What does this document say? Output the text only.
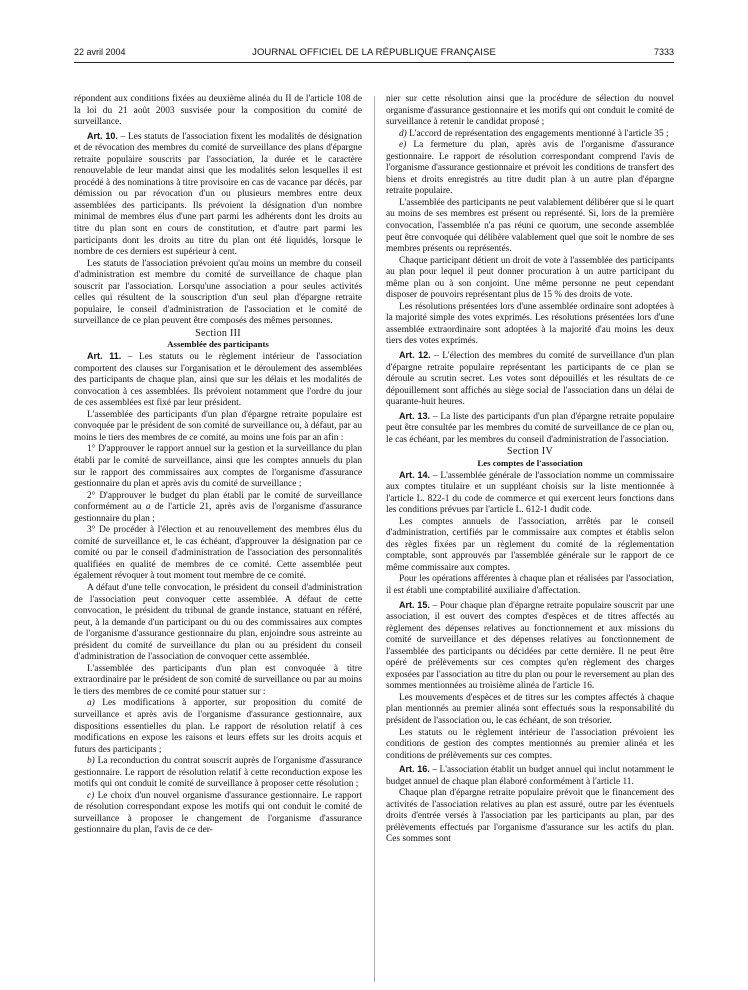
22 avril 2004	JOURNAL OFFICIEL DE LA RÉPUBLIQUE FRANÇAISE	7333

répondent aux conditions fixées au deuxième alinéa du II de l'article 108 de la loi du 21 août 2003 susvisée pour la composition du comité de surveillance.

Art. 10. – Les statuts de l'association fixent les modalités de désignation et de révocation des membres du comité de surveillance des plans d'épargne retraite populaire souscrits par l'association, la durée et le caractère renouvelable de leur mandat ainsi que les modalités selon lesquelles il est procédé à des nominations à titre provisoire en cas de vacance par décès, par démission ou par révocation d'un ou plusieurs membres entre deux assemblées des participants. Ils prévoient la désignation d'un nombre minimal de membres élus d'une part parmi les adhérents dont les droits au titre du plan sont en cours de constitution, et d'autre part parmi les participants dont les droits au titre du plan ont été liquidés, lorsque le nombre de ces derniers est supérieur à cent.

Les statuts de l'association prévoient qu'au moins un membre du conseil d'administration est membre du comité de surveillance de chaque plan souscrit par l'association. Lorsqu'une association a pour seules activités celles qui résultent de la souscription d'un seul plan d'épargne retraite populaire, le conseil d'administration de l'association et le comité de surveillance de ce plan peuvent être composés des mêmes personnes.

Section III

Assemblée des participants

Art. 11. – Les statuts ou le règlement intérieur de l'association comportent des clauses sur l'organisation et le déroulement des assemblées des participants de chaque plan, ainsi que sur les délais et les modalités de convocation à ces assemblées. Ils prévoient notamment que l'ordre du jour de ces assemblées est fixé par leur président.

L'assemblée des participants d'un plan d'épargne retraite populaire est convoquée par le président de son comité de surveillance ou, à défaut, par au moins le tiers des membres de ce comité, au moins une fois par an afin :

1° D'approuver le rapport annuel sur la gestion et la surveillance du plan établi par le comité de surveillance, ainsi que les comptes annuels du plan sur le rapport des commissaires aux comptes de l'organisme d'assurance gestionnaire du plan et après avis du comité de surveillance ;

2° D'approuver le budget du plan établi par le comité de surveillance conformément au a de l'article 21, après avis de l'organisme d'assurance gestionnaire du plan ;

3° De procéder à l'élection et au renouvellement des membres élus du comité de surveillance et, le cas échéant, d'approuver la désignation par ce comité ou par le conseil d'administration de l'association des personnalités qualifiées en qualité de membres de ce comité. Cette assemblée peut également révoquer à tout moment tout membre de ce comité.

A défaut d'une telle convocation, le président du conseil d'administration de l'association peut convoquer cette assemblée. A défaut de cette convocation, le président du tribunal de grande instance, statuant en référé, peut, à la demande d'un participant ou du ou des commissaires aux comptes de l'organisme d'assurance gestionnaire du plan, enjoindre sous astreinte au président du comité de surveillance du plan ou au président du conseil d'administration de l'association de convoquer cette assemblée.

L'assemblée des participants d'un plan est convoquée à titre extraordinaire par le président de son comité de surveillance ou par au moins le tiers des membres de ce comité pour statuer sur :

a) Les modifications à apporter, sur proposition du comité de surveillance et après avis de l'organisme d'assurance gestionnaire, aux dispositions essentielles du plan. Le rapport de résolution relatif à ces modifications en expose les raisons et leurs effets sur les droits acquis et futurs des participants ;

b) La reconduction du contrat souscrit auprès de l'organisme d'assurance gestionnaire. Le rapport de résolution relatif à cette reconduction expose les motifs qui ont conduit le comité de surveillance à proposer cette résolution ;

c) Le choix d'un nouvel organisme d'assurance gestionnaire. Le rapport de résolution correspondant expose les motifs qui ont conduit le comité de surveillance à proposer le changement de l'organisme d'assurance gestionnaire du plan, l'avis de ce der-

nier sur cette résolution ainsi que la procédure de sélection du nouvel organisme d'assurance gestionnaire et les motifs qui ont conduit le comité de surveillance à retenir le candidat proposé ;

d) L'accord de représentation des engagements mentionné à l'article 35 ;

e) La fermeture du plan, après avis de l'organisme d'assurance gestionnaire. Le rapport de résolution correspondant comprend l'avis de l'organisme d'assurance gestionnaire et prévoit les conditions de transfert des biens et droits enregistrés au titre dudit plan à un autre plan d'épargne retraite populaire.

L'assemblée des participants ne peut valablement délibérer que si le quart au moins de ses membres est présent ou représenté. Si, lors de la première convocation, l'assemblée n'a pas réuni ce quorum, une seconde assemblée peut être convoquée qui délibère valablement quel que soit le nombre de ses membres présents ou représentés.

Chaque participant détient un droit de vote à l'assemblée des participants au plan pour lequel il peut donner procuration à un autre participant du même plan ou à son conjoint. Une même personne ne peut cependant disposer de pouvoirs représentant plus de 15 % des droits de vote.

Les résolutions présentées lors d'une assemblée ordinaire sont adoptées à la majorité simple des votes exprimés. Les résolutions présentées lors d'une assemblée extraordinaire sont adoptées à la majorité d'au moins les deux tiers des votes exprimés.

Art. 12. – L'élection des membres du comité de surveillance d'un plan d'épargne retraite populaire représentant les participants de ce plan se déroule au scrutin secret. Les votes sont dépouillés et les résultats de ce dépouillement sont affichés au siège social de l'association dans un délai de quarante-huit heures.

Art. 13. – La liste des participants d'un plan d'épargne retraite populaire peut être consultée par les membres du comité de surveillance de ce plan ou, le cas échéant, par les membres du conseil d'administration de l'association.

Section IV

Les comptes de l'association

Art. 14. – L'assemblée générale de l'association nomme un commissaire aux comptes titulaire et un suppléant choisis sur la liste mentionnée à l'article L. 822-1 du code de commerce et qui exercent leurs fonctions dans les conditions prévues par l'article L. 612-1 dudit code.

Les comptes annuels de l'association, arrêtés par le conseil d'administration, certifiés par le commissaire aux comptes et établis selon des règles fixées par un règlement du comité de la réglementation comptable, sont approuvés par l'assemblée générale sur le rapport de ce même commissaire aux comptes.

Pour les opérations afférentes à chaque plan et réalisées par l'association, il est établi une comptabilité auxiliaire d'affectation.

Art. 15. – Pour chaque plan d'épargne retraite populaire souscrit par une association, il est ouvert des comptes d'espèces et de titres affectés au règlement des dépenses relatives au fonctionnement et aux missions du comité de surveillance et des dépenses relatives au fonctionnement de l'assemblée des participants ou décidées par cette dernière. Il ne peut être opéré de prélèvements sur ces comptes qu'en règlement des charges exposées par l'association au titre du plan ou pour le reversement au plan des sommes mentionnées au troisième alinéa de l'article 16.

Les mouvements d'espèces et de titres sur les comptes affectés à chaque plan mentionnés au premier alinéa sont effectués sous la responsabilité du président de l'association ou, le cas échéant, de son trésorier.

Les statuts ou le règlement intérieur de l'association prévoient les conditions de gestion des comptes mentionnés au premier alinéa et les conditions de prélèvements sur ces comptes.

Art. 16. – L'association établit un budget annuel qui inclut notamment le budget annuel de chaque plan élaboré conformément à l'article 11.

Chaque plan d'épargne retraite populaire prévoit que le financement des activités de l'association relatives au plan est assuré, outre par les éventuels droits d'entrée versés à l'association par les participants au plan, par des prélèvements effectués par l'organisme d'assurance sur les actifs du plan. Ces sommes sont
